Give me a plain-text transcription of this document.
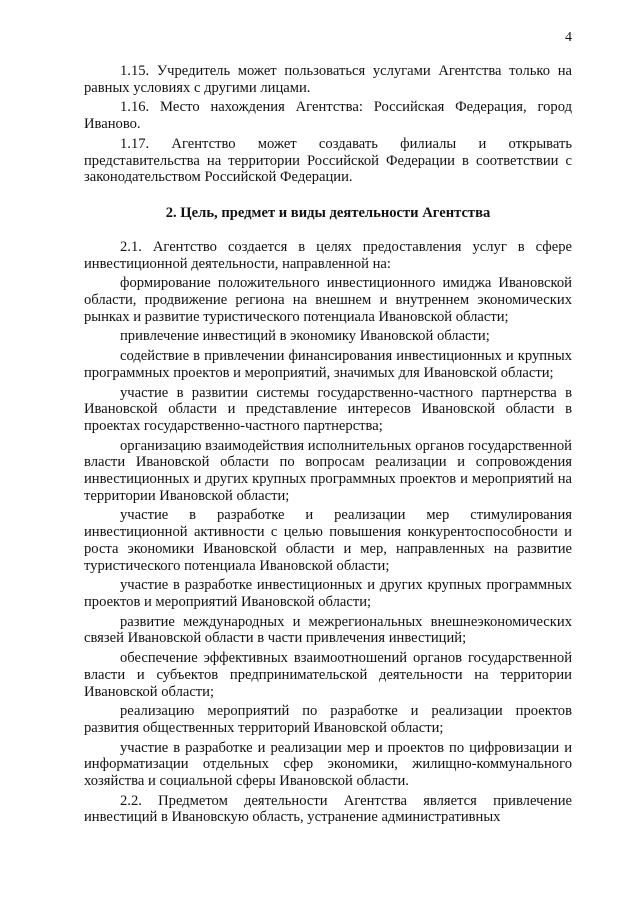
4

1.15. Учредитель может пользоваться услугами Агентства только на равных условиях с другими лицами.

1.16. Место нахождения Агентства: Российская Федерация, город Иваново.

1.17. Агентство может создавать филиалы и открывать представительства на территории Российской Федерации в соответствии с законодательством Российской Федерации.

2. Цель, предмет и виды деятельности Агентства

2.1. Агентство создается в целях предоставления услуг в сфере инвестиционной деятельности, направленной на:

формирование положительного инвестиционного имиджа Ивановской области, продвижение региона на внешнем и внутреннем экономических рынках и развитие туристического потенциала Ивановской области;

привлечение инвестиций в экономику Ивановской области;

содействие в привлечении финансирования инвестиционных и крупных программных проектов и мероприятий, значимых для Ивановской области;

участие в развитии системы государственно-частного партнерства в Ивановской области и представление интересов Ивановской области в проектах государственно-частного партнерства;

организацию взаимодействия исполнительных органов государственной власти Ивановской области по вопросам реализации и сопровождения инвестиционных и других крупных программных проектов и мероприятий на территории Ивановской области;

участие в разработке и реализации мер стимулирования инвестиционной активности с целью повышения конкурентоспособности и роста экономики Ивановской области и мер, направленных на развитие туристического потенциала Ивановской области;

участие в разработке инвестиционных и других крупных программных проектов и мероприятий Ивановской области;

развитие международных и межрегиональных внешнеэкономических связей Ивановской области в части привлечения инвестиций;

обеспечение эффективных взаимоотношений органов государственной власти и субъектов предпринимательской деятельности на территории Ивановской области;

реализацию мероприятий по разработке и реализации проектов развития общественных территорий Ивановской области;

участие в разработке и реализации мер и проектов по цифровизации и информатизации отдельных сфер экономики, жилищно-коммунального хозяйства и социальной сферы Ивановской области.

2.2. Предметом деятельности Агентства является привлечение инвестиций в Ивановскую область, устранение административных
